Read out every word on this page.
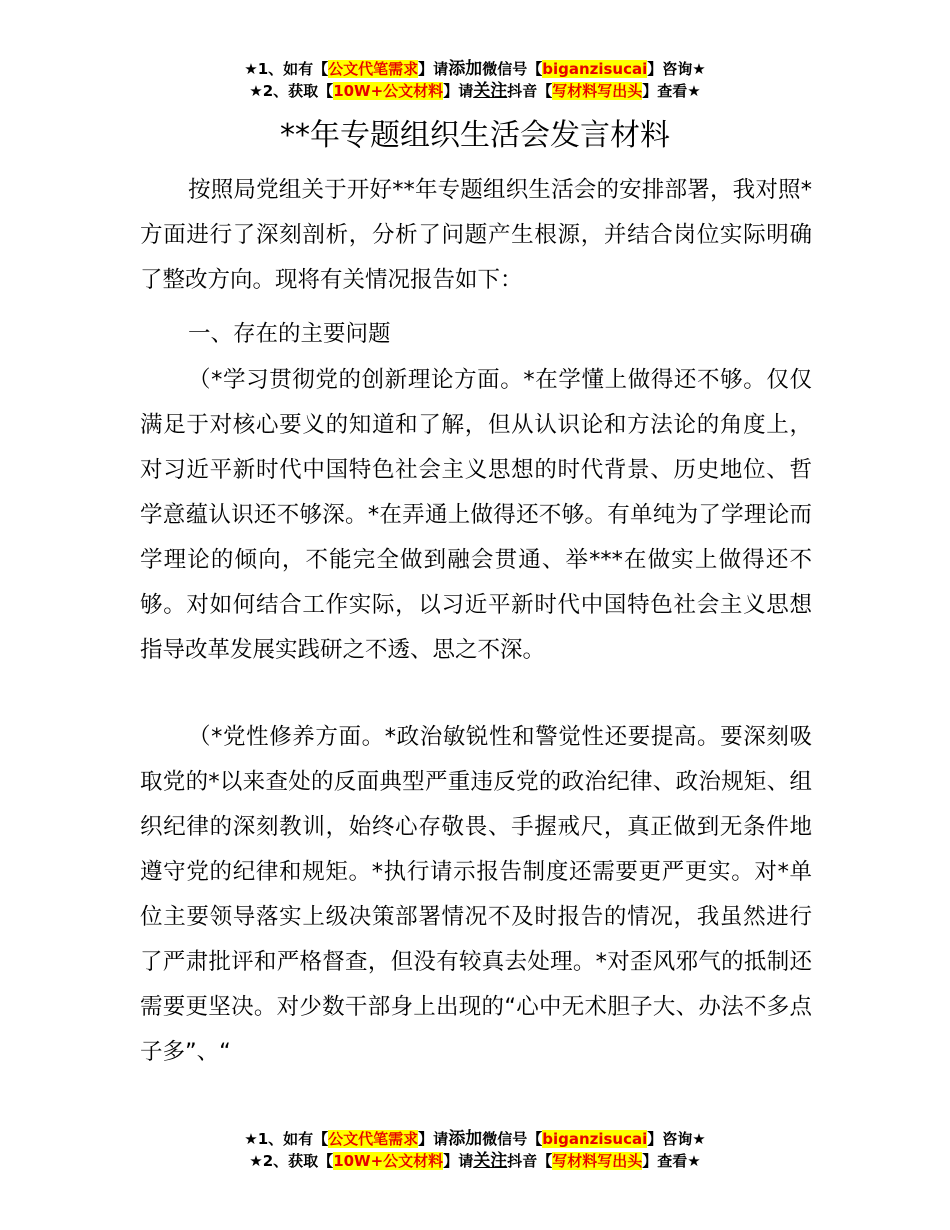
★1、如有【公文代笔需求】请添加微信号【biganzisucai】咨询★
★2、获取【10W+公文材料】请关注抖音【写材料写出头】查看★
**年专题组织生活会发言材料

按照局党组关于开好**年专题组织生活会的安排部署，我对照*方面进行了深刻剖析，分析了问题产生根源，并结合岗位实际明确了整改方向。现将有关情况报告如下：

一、存在的主要问题

（*学习贯彻党的创新理论方面。*在学懂上做得还不够。仅仅满足于对核心要义的知道和了解，但从认识论和方法论的角度上，对习近平新时代中国特色社会主义思想的时代背景、历史地位、哲学意蕴认识还不够深。*在弄通上做得还不够。有单纯为了学理论而学理论的倾向，不能完全做到融会贯通、举***在做实上做得还不够。对如何结合工作实际，以习近平新时代中国特色社会主义思想指导改革发展实践研之不透、思之不深。

（*党性修养方面。*政治敏锐性和警觉性还要提高。要深刻吸取党的*以来查处的反面典型严重违反党的政治纪律、政治规矩、组织纪律的深刻教训，始终心存敬畏、手握戒尺，真正做到无条件地遵守党的纪律和规矩。*执行请示报告制度还需要更严更实。对*单位主要领导落实上级决策部署情况不及时报告的情况，我虽然进行了严肃批评和严格督查，但没有较真去处理。*对歪风邪气的抵制还需要更坚决。对少数干部身上出现的“心中无术胆子大、办法不多点子多”、“

★1、如有【公文代笔需求】请添加微信号【biganzisucai】咨询★
★2、获取【10W+公文材料】请关注抖音【写材料写出头】查看★
